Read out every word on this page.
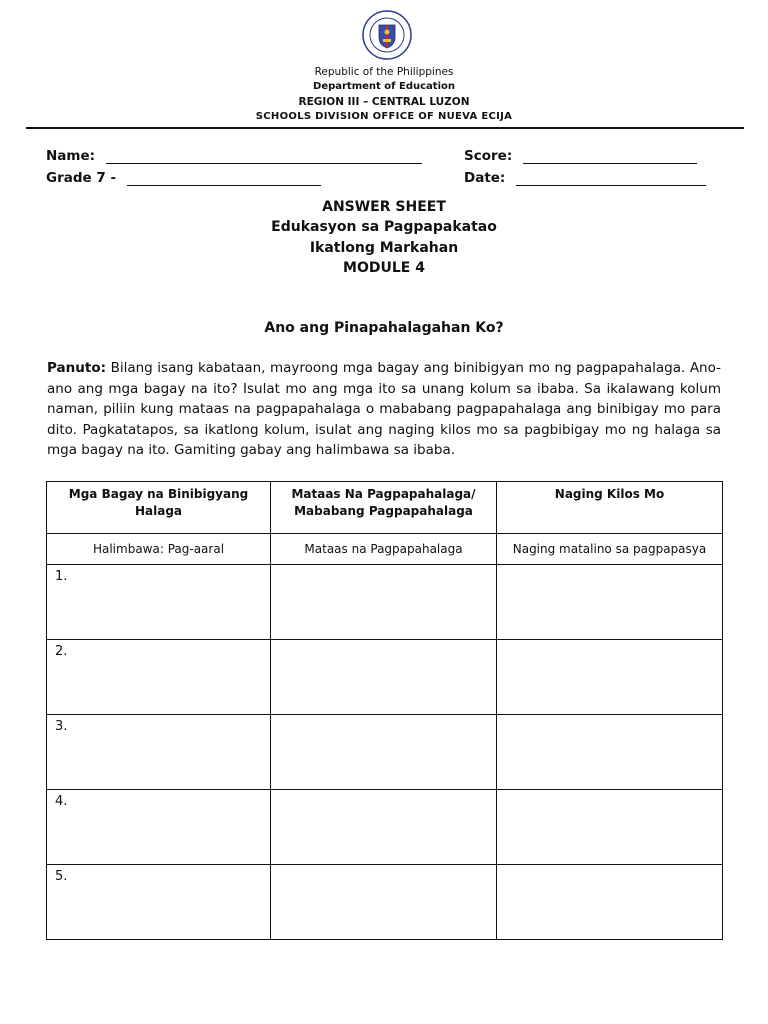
Republic of the Philippines
Department of Education
REGION III – CENTRAL LUZON
SCHOOLS DIVISION OFFICE OF NUEVA ECIJA
Name:	Score:
Grade 7 -	Date:
ANSWER SHEET
Edukasyon sa Pagpapakatao
Ikatlong Markahan
MODULE 4
Ano ang Pinapahalagahan Ko?
Panuto: Bilang isang kabataan, mayroong mga bagay ang binibigyan mo ng pagpapahalaga. Ano-ano ang mga bagay na ito? Isulat mo ang mga ito sa unang kolum sa ibaba. Sa ikalawang kolum naman, piliin kung mataas na pagpapahalaga o mababang pagpapahalaga ang binibigay mo para dito. Pagkatatapos, sa ikatlong kolum, isulat ang naging kilos mo sa pagbibigay mo ng halaga sa mga bagay na ito. Gamiting gabay ang halimbawa sa ibaba.
Mga Bagay na Binibigyang Halaga	Mataas Na Pagpapahalaga/ Mababang Pagpapahalaga	Naging Kilos Mo
Halimbawa: Pag-aaral	Mataas na Pagpapahalaga	Naging matalino sa pagpapasya
1.		
2.		
3.		
4.		
5.		
